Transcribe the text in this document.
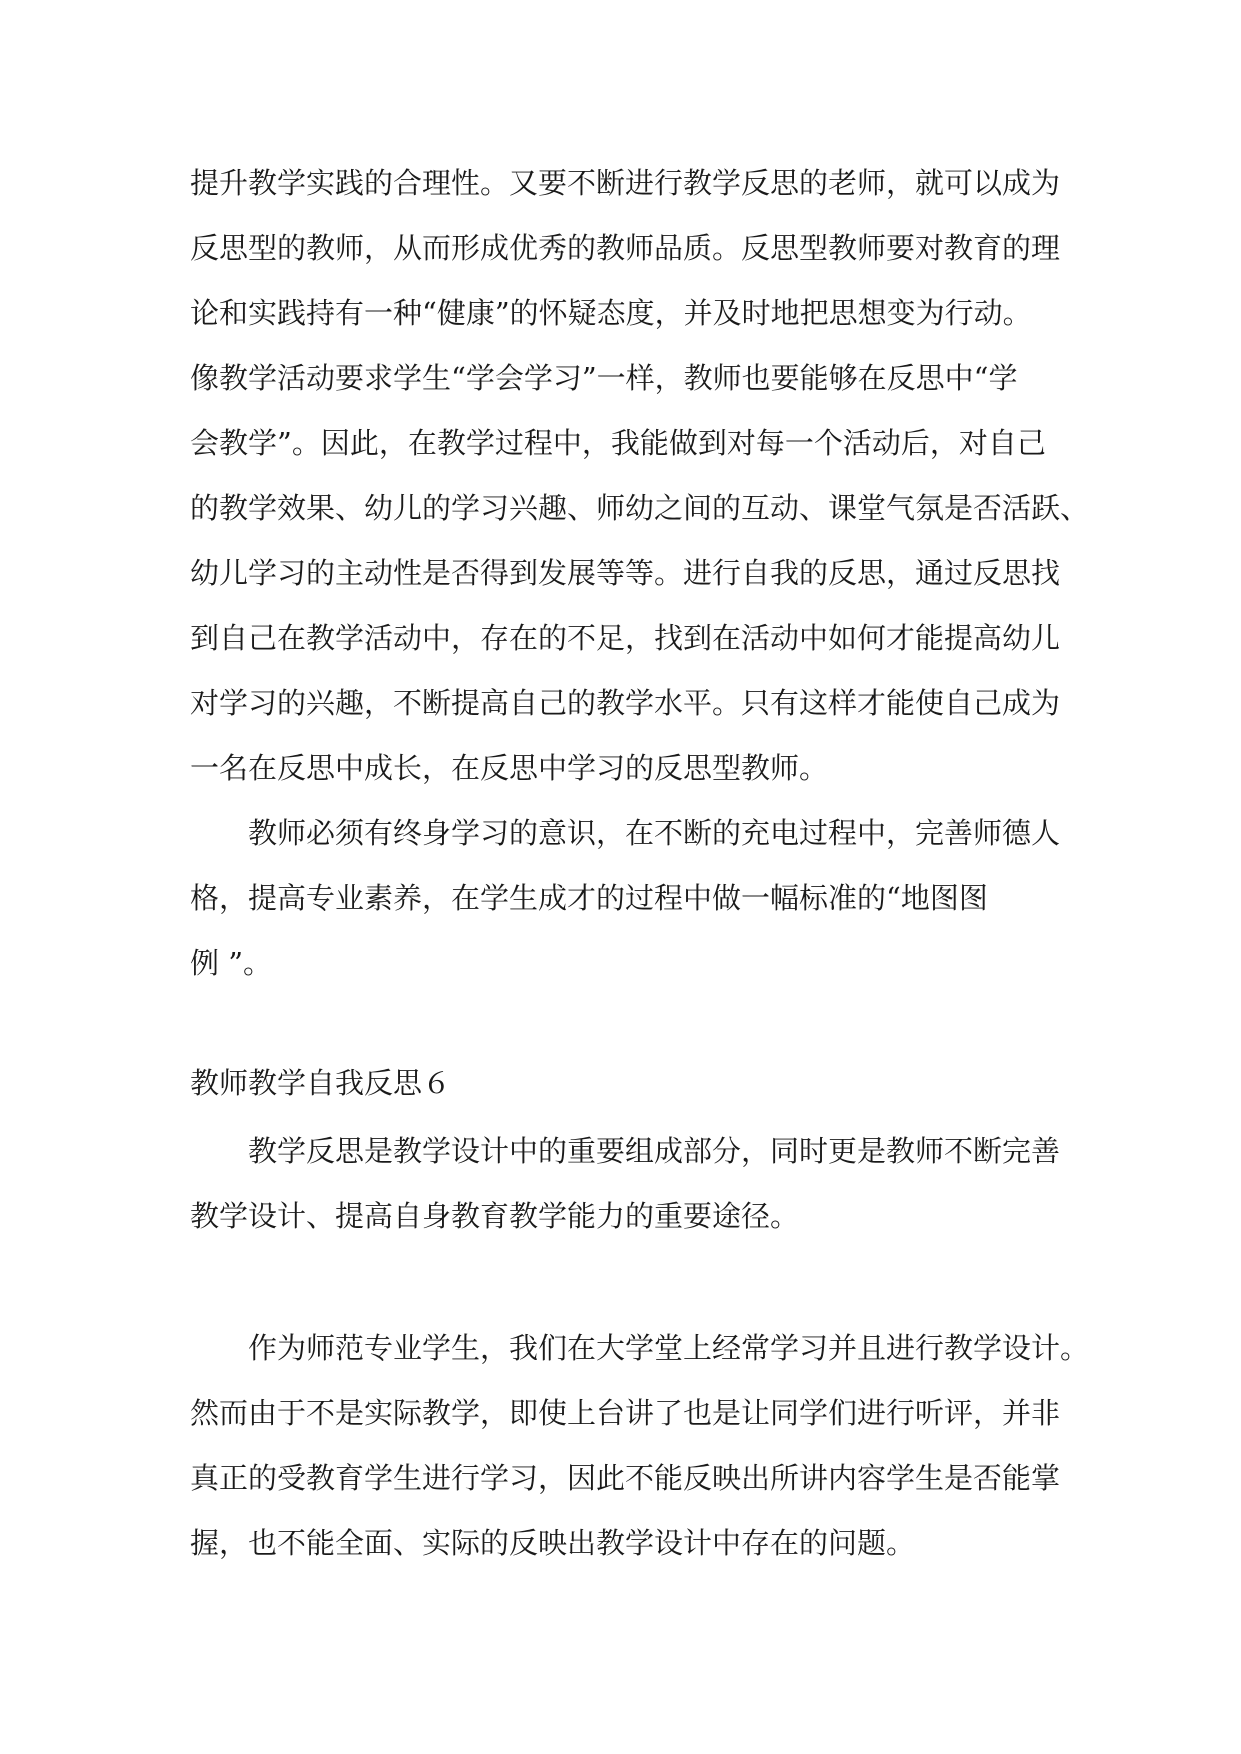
提升教学实践的合理性。又要不断进行教学反思的老师，就可以成为

反思型的教师，从而形成优秀的教师品质。反思型教师要对教育的理

论和实践持有一种“健康”的怀疑态度，并及时地把思想变为行动。

像教学活动要求学生“学会学习”一样，教师也要能够在反思中“学

会教学”。因此，在教学过程中，我能做到对每一个活动后，对自己

的教学效果、幼儿的学习兴趣、师幼之间的互动、课堂气氛是否活跃、

幼儿学习的主动性是否得到发展等等。进行自我的反思，通过反思找

到自己在教学活动中，存在的不足，找到在活动中如何才能提高幼儿

对学习的兴趣，不断提高自己的教学水平。只有这样才能使自己成为

一名在反思中成长，在反思中学习的反思型教师。

教师必须有终身学习的意识，在不断的充电过程中，完善师德人

格，提高专业素养，在学生成才的过程中做一幅标准的“地图图

例 ”。

教师教学自我反思６

教学反思是教学设计中的重要组成部分，同时更是教师不断完善

教学设计、提高自身教育教学能力的重要途径。

作为师范专业学生，我们在大学堂上经常学习并且进行教学设计。

然而由于不是实际教学，即使上台讲了也是让同学们进行听评，并非

真正的受教育学生进行学习，因此不能反映出所讲内容学生是否能掌

握，也不能全面、实际的反映出教学设计中存在的问题。
